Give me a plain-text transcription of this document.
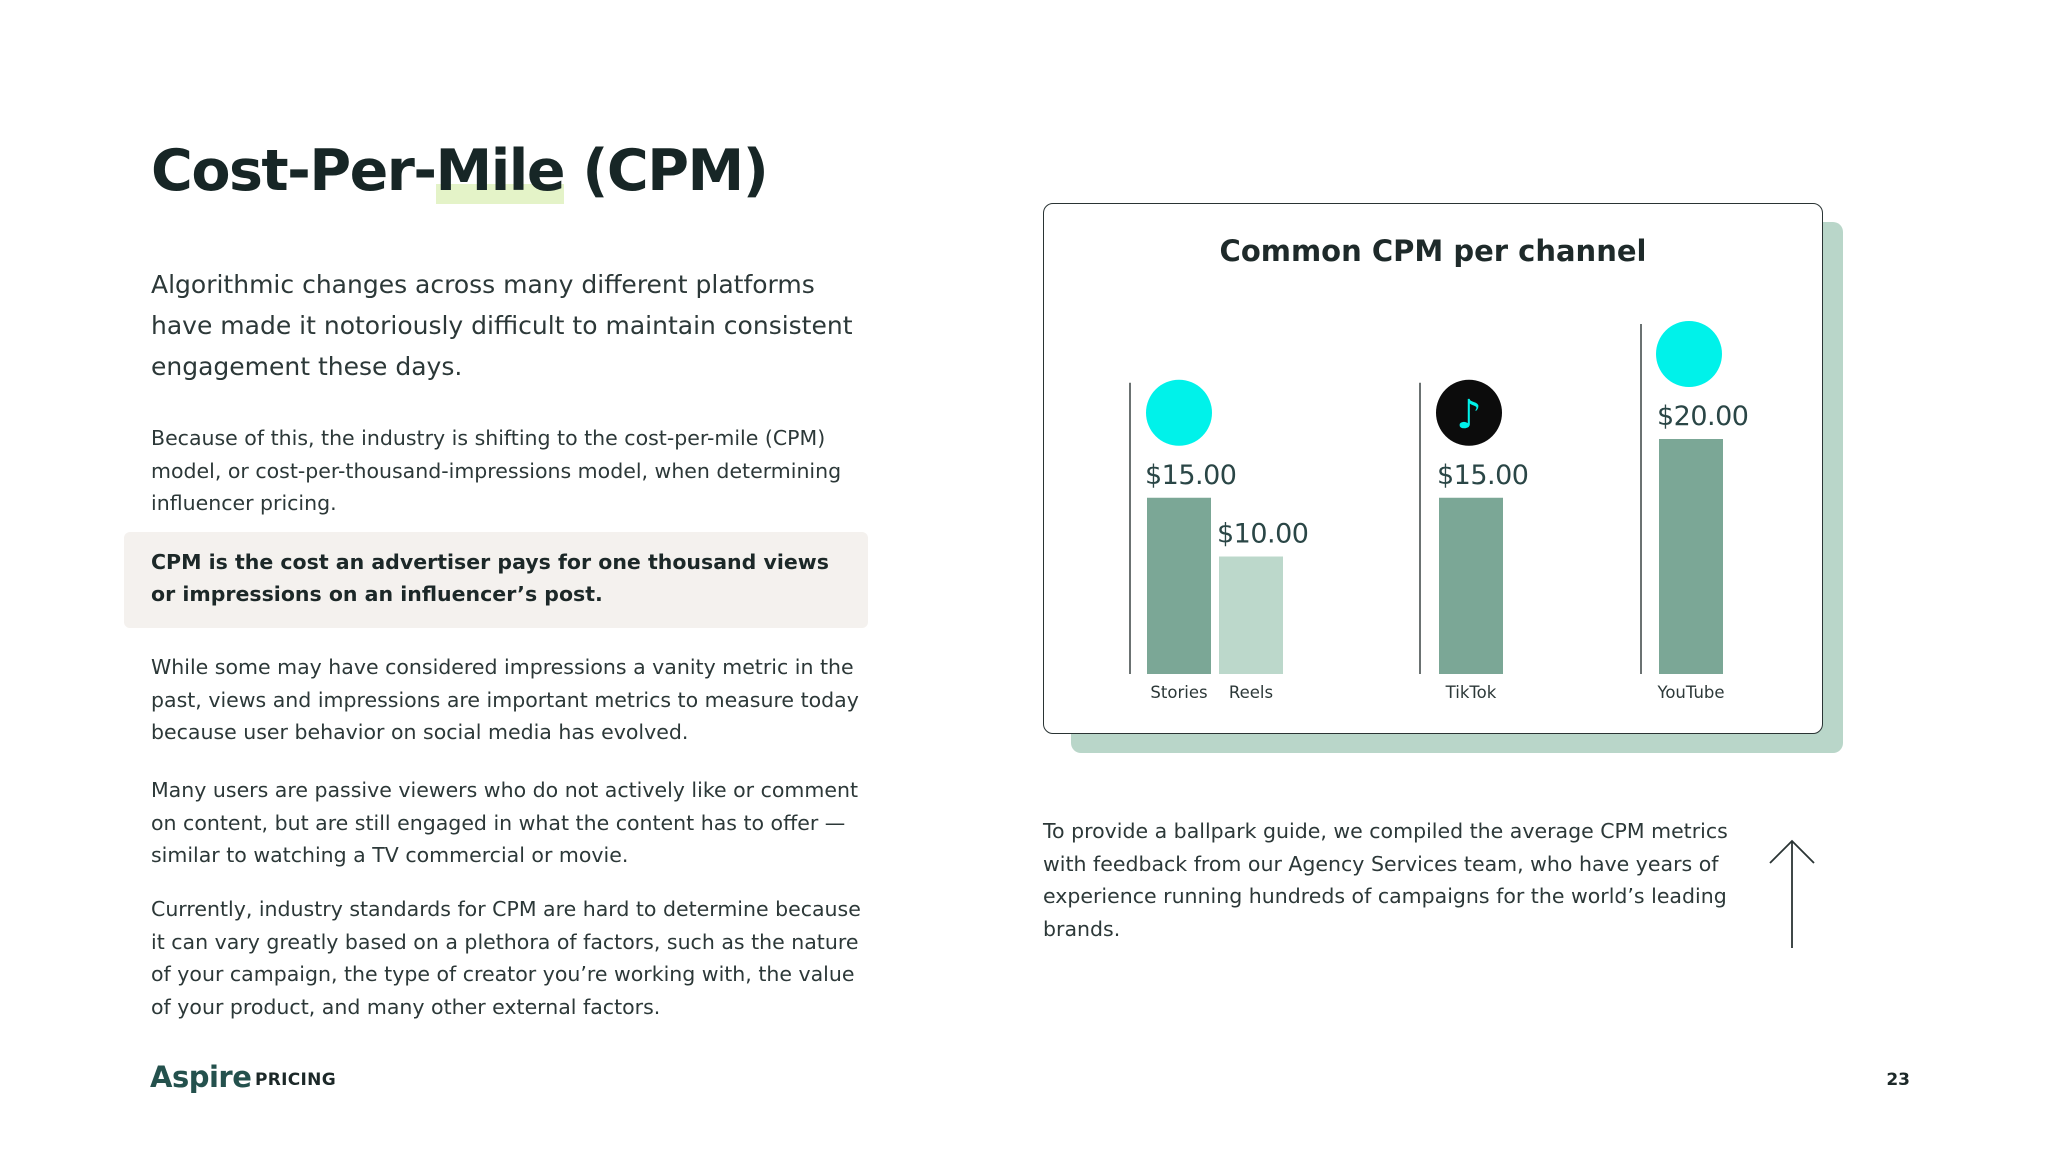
Cost-Per-Mile (CPM)

Algorithmic changes across many different platforms have made it notoriously difficult to maintain consistent engagement these days.

Because of this, the industry is shifting to the cost-per-mile (CPM) model, or cost-per-thousand-impressions model, when determining influencer pricing.

CPM is the cost an advertiser pays for one thousand views or impressions on an influencer’s post.

While some may have considered impressions a vanity metric in the past, views and impressions are important metrics to measure today because user behavior on social media has evolved.

Many users are passive viewers who do not actively like or comment on content, but are still engaged in what the content has to offer — similar to watching a TV commercial or movie.

Currently, industry standards for CPM are hard to determine because it can vary greatly based on a plethora of factors, such as the nature of your campaign, the type of creator you’re working with, the value of your product, and many other external factors.

♪
$15.00
Stories
$10.00
Reels
$15.00
TikTok
$20.00
YouTube
Common CPM per channel

To provide a ballpark guide, we compiled the average CPM metrics with feedback from our Agency Services team, who have years of experience running hundreds of campaigns for the world’s leading brands.

Aspire PRICING	23
